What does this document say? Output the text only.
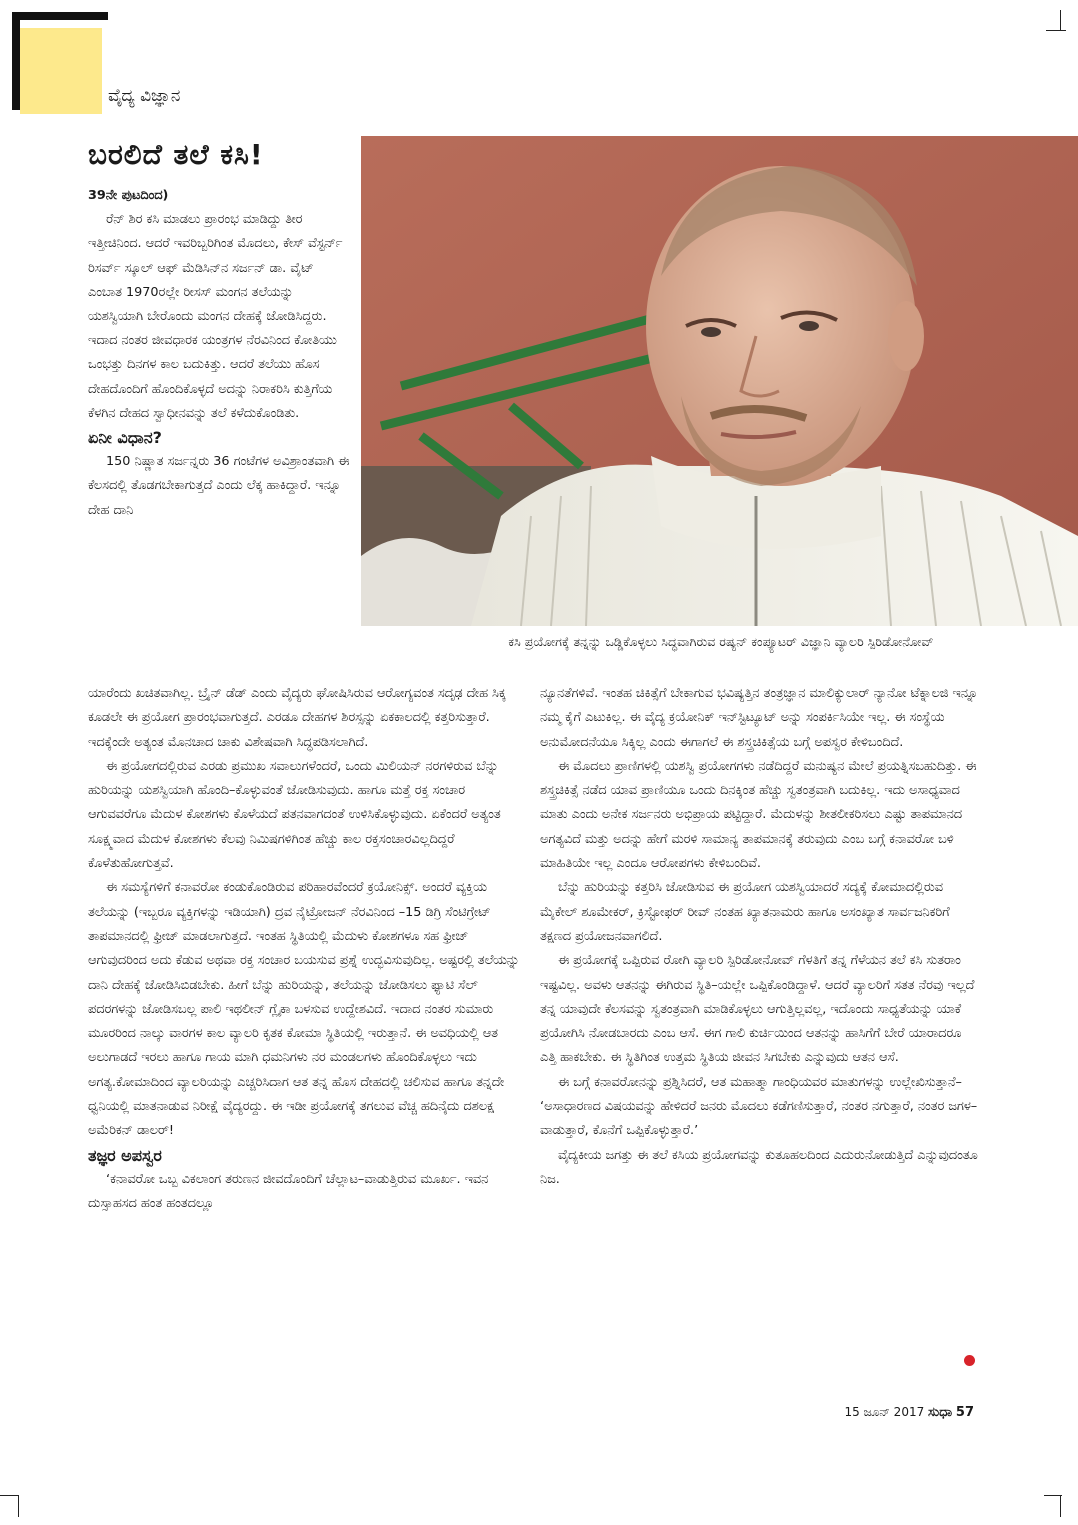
ವೈದ್ಯ ವಿಜ್ಞಾನ
ಬರಲಿದೆ ತಲೆ ಕಸಿ!

39ನೇ ಪುಟದಿಂದ)

ರೆನ್ ಶಿರ ಕಸಿ ಮಾಡಲು ಪ್ರಾರಂಭ ಮಾಡಿದ್ದು ತೀರ ಇತ್ತೀಚಿನಿಂದ. ಆದರೆ ಇವರಿಬ್ಬರಿಗಿಂತ ಮೊದಲು, ಕೇಸ್ ವೆಸ್ಟರ್ನ್ ರಿಸರ್ವ್ ಸ್ಕೂಲ್ ಆಫ್ ಮೆಡಿಸಿನ್‌ನ ಸರ್ಜನ್ ಡಾ. ವೈಟ್ ಎಂಬಾತ 1970ರಲ್ಲೇ ರೀಸಸ್ ಮಂಗನ ತಲೆಯನ್ನು ಯಶಸ್ವಿಯಾಗಿ ಬೇರೊಂದು ಮಂಗನ ದೇಹಕ್ಕೆ ಜೋಡಿಸಿದ್ದರು. ಇದಾದ ನಂತರ ಜೀವಧಾರಕ ಯಂತ್ರಗಳ ನೆರವಿನಿಂದ ಕೋತಿಯು ಒಂಭತ್ತು ದಿನಗಳ ಕಾಲ ಬದುಕಿತ್ತು. ಆದರೆ ತಲೆಯು ಹೊಸ ದೇಹದೊಂದಿಗೆ ಹೊಂದಿಕೊಳ್ಳದೆ ಅದನ್ನು ನಿರಾಕರಿಸಿ ಕುತ್ತಿಗೆಯ ಕೆಳಗಿನ ದೇಹದ ಸ್ವಾಧೀನವನ್ನು ತಲೆ ಕಳೆದುಕೊಂಡಿತು.

ಏನೀ ವಿಧಾನ?

150 ನಿಷ್ಣಾತ ಸರ್ಜನ್ನರು 36 ಗಂಟೆಗಳ ಅವಿಶ್ರಾಂತವಾಗಿ ಈ ಕೆಲಸದಲ್ಲಿ ತೊಡಗಬೇಕಾಗುತ್ತದೆ ಎಂದು ಲೆಕ್ಕ ಹಾಕಿದ್ದಾರೆ. ಇನ್ನೂ ದೇಹ ದಾನಿ

ಕಸಿ ಪ್ರಯೋಗಕ್ಕೆ ತನ್ನನ್ನು ಒಡ್ಡಿಕೊಳ್ಳಲು ಸಿದ್ಧವಾಗಿರುವ ರಷ್ಯನ್ ಕಂಪ್ಯೂಟರ್ ವಿಜ್ಞಾನಿ ವ್ಯಾಲರಿ ಸ್ಪಿರಿಡೋನೋವ್

ಯಾರೆಂದು ಖಚಿತವಾಗಿಲ್ಲ. ಬ್ರೈನ್ ಡೆಡ್ ಎಂದು ವೈದ್ಯರು ಘೋಷಿಸಿರುವ ಆರೋಗ್ಯವಂತ ಸದೃಢ ದೇಹ ಸಿಕ್ಕ ಕೂಡಲೇ ಈ ಪ್ರಯೋಗ ಪ್ರಾರಂಭವಾಗುತ್ತದೆ. ಎರಡೂ ದೇಹಗಳ ಶಿರಸ್ಸನ್ನು ಏಕಕಾಲದಲ್ಲಿ ಕತ್ತರಿಸುತ್ತಾರೆ. ಇದಕ್ಕೆಂದೇ ಅತ್ಯಂತ ಮೊನಚಾದ ಚಾಕು ವಿಶೇಷವಾಗಿ ಸಿದ್ಧಪಡಿಸಲಾಗಿದೆ.

ಈ ಪ್ರಯೋಗದಲ್ಲಿರುವ ಎರಡು ಪ್ರಮುಖ ಸವಾಲುಗಳೆಂದರೆ, ಒಂದು ಮಿಲಿಯನ್ ನರಗಳಿರುವ ಬೆನ್ನು ಹುರಿಯನ್ನು ಯಶಸ್ವಿಯಾಗಿ ಹೊಂದಿ–ಕೊಳ್ಳುವಂತೆ ಜೋಡಿಸುವುದು. ಹಾಗೂ ಮತ್ತೆ ರಕ್ತ ಸಂಚಾರ ಆಗುವವರೆಗೂ ಮೆದುಳ ಕೋಶಗಳು ಕೊಳೆಯದೆ ಪತನವಾಗದಂತೆ ಉಳಿಸಿಕೊಳ್ಳುವುದು. ಏಕೆಂದರೆ ಅತ್ಯಂತ ಸೂಕ್ಷ್ಮವಾದ ಮೆದುಳ ಕೋಶಗಳು ಕೆಲವು ನಿಮಿಷಗಳಿಗಿಂತ ಹೆಚ್ಚು ಕಾಲ ರಕ್ತಸಂಚಾರವಿಲ್ಲದಿದ್ದರೆ ಕೊಳೆತುಹೋಗುತ್ತವೆ.

ಈ ಸಮಸ್ಯೆಗಳಿಗೆ ಕನಾವರೋ ಕಂಡುಕೊಂಡಿರುವ ಪರಿಹಾರವೆಂದರೆ ಕ್ರಯೋನಿಕ್ಸ್. ಅಂದರೆ ವ್ಯಕ್ತಿಯ ತಲೆಯನ್ನು (ಇಬ್ಬರೂ ವ್ಯಕ್ತಿಗಳನ್ನು ಇಡಿಯಾಗಿ) ದ್ರವ ನೈಟ್ರೋಜನ್ ನೆರವಿನಿಂದ –15 ಡಿಗ್ರಿ ಸೆಂಟಿಗ್ರೇಟ್ ತಾಪಮಾನದಲ್ಲಿ ಫ್ರೀಜ್ ಮಾಡಲಾಗುತ್ತದೆ. ಇಂತಹ ಸ್ಥಿತಿಯಲ್ಲಿ ಮೆದುಳು ಕೋಶಗಳೂ ಸಹ ಫ್ರೀಜ್ ಆಗುವುದರಿಂದ ಅದು ಕೆಡುವ ಅಥವಾ ರಕ್ತ ಸಂಚಾರ ಬಯಸುವ ಪ್ರಶ್ನೆ ಉದ್ಭವಿಸುವುದಿಲ್ಲ. ಅಷ್ಟರಲ್ಲಿ ತಲೆಯನ್ನು ದಾನಿ ದೇಹಕ್ಕೆ ಜೋಡಿಸಿಬಿಡಬೇಕು. ಹೀಗೆ ಬೆನ್ನು ಹುರಿಯನ್ನು, ತಲೆಯನ್ನು ಜೋಡಿಸಲು ಫ್ಯಾಟಿ ಸೆಲ್ ಪದರಗಳನ್ನು ಜೋಡಿಸಬಲ್ಲ ಪಾಲಿ ಇಥಲೀನ್ ಗ್ಲೈಕಾ ಬಳಸುವ ಉದ್ದೇಶವಿದೆ. ಇದಾದ ನಂತರ ಸುಮಾರು ಮೂರರಿಂದ ನಾಲ್ಕು ವಾರಗಳ ಕಾಲ ವ್ಯಾಲರಿ ಕೃತಕ ಕೋಮಾ ಸ್ಥಿತಿಯಲ್ಲಿ ಇರುತ್ತಾನೆ. ಈ ಅವಧಿಯಲ್ಲಿ ಆತ ಅಲುಗಾಡದೆ ಇರಲು ಹಾಗೂ ಗಾಯ ಮಾಗಿ ಧಮನಿಗಳು ನರ ಮಂಡಲಗಳು ಹೊಂದಿಕೊಳ್ಳಲು ಇದು ಅಗತ್ಯ.ಕೋಮಾದಿಂದ ವ್ಯಾಲರಿಯನ್ನು ಎಚ್ಚರಿಸಿದಾಗ ಆತ ತನ್ನ ಹೊಸ ದೇಹದಲ್ಲಿ ಚಲಿಸುವ ಹಾಗೂ ತನ್ನದೇ ಧ್ವನಿಯಲ್ಲಿ ಮಾತನಾಡುವ ನಿರೀಕ್ಷೆ ವೈದ್ಯರದ್ದು. ಈ ಇಡೀ ಪ್ರಯೋಗಕ್ಕೆ ತಗಲುವ ವೆಚ್ಚ ಹದಿನೈದು ದಶಲಕ್ಷ ಅಮೆರಿಕನ್ ಡಾಲರ್!

ತಜ್ಞರ ಅಪಸ್ವರ

‘ಕನಾವರೋ ಒಬ್ಬ ವಿಕಲಾಂಗ ತರುಣನ ಜೀವದೊಂದಿಗೆ ಚೆಲ್ಲಾಟ–ವಾಡುತ್ತಿರುವ ಮೂರ್ಖ. ಇವನ ದುಸ್ಸಾಹಸದ ಹಂತ ಹಂತದಲ್ಲೂ

ನ್ಯೂನತೆಗಳಿವೆ. ಇಂತಹ ಚಿಕಿತ್ಸೆಗೆ ಬೇಕಾಗುವ ಭವಿಷ್ಯತ್ತಿನ ತಂತ್ರಜ್ಞಾನ ಮಾಲಿಕ್ಯುಲಾರ್ ನ್ಯಾನೋ ಟೆಕ್ನಾಲಜಿ ಇನ್ನೂ ನಮ್ಮ ಕೈಗೆ ಎಟುಕಿಲ್ಲ. ಈ ವೈದ್ಯ ಕ್ರಯೋನಿಕ್ ಇನ್‌ಸ್ಟಿಟ್ಯೂಟ್ ಅನ್ನು ಸಂಪರ್ಕಿಸಿಯೇ ಇಲ್ಲ. ಈ ಸಂಸ್ಥೆಯ ಅನುಮೋದನೆಯೂ ಸಿಕ್ಕಿಲ್ಲ ಎಂದು ಈಗಾಗಲೆ ಈ ಶಸ್ತ್ರಚಿಕಿತ್ಸೆಯ ಬಗ್ಗೆ ಅಪಸ್ವರ ಕೇಳಿಬಂದಿದೆ.

ಈ ಮೊದಲು ಪ್ರಾಣಿಗಳಲ್ಲಿ ಯಶಸ್ವಿ ಪ್ರಯೋಗಗಳು ನಡೆದಿದ್ದರೆ ಮನುಷ್ಯನ ಮೇಲೆ ಪ್ರಯತ್ನಿಸಬಹುದಿತ್ತು. ಈ ಶಸ್ತ್ರಚಿಕಿತ್ಸೆ ನಡೆದ ಯಾವ ಪ್ರಾಣಿಯೂ ಒಂದು ದಿನಕ್ಕಿಂತ ಹೆಚ್ಚು ಸ್ವತಂತ್ರವಾಗಿ ಬದುಕಿಲ್ಲ. ಇದು ಅಸಾಧ್ಯವಾದ ಮಾತು ಎಂದು ಅನೇಕ ಸರ್ಜನರು ಅಭಿಪ್ರಾಯ ಪಟ್ಟಿದ್ದಾರೆ. ಮೆದುಳನ್ನು ಶೀತಲೀಕರಿಸಲು ಎಷ್ಟು ತಾಪಮಾನದ ಅಗತ್ಯವಿದೆ ಮತ್ತು ಅದನ್ನು ಹೇಗೆ ಮರಳಿ ಸಾಮಾನ್ಯ ತಾಪಮಾನಕ್ಕೆ ತರುವುದು ಎಂಬ ಬಗ್ಗೆ ಕನಾವರೋ ಬಳಿ ಮಾಹಿತಿಯೇ ಇಲ್ಲ ಎಂದೂ ಆರೋಪಗಳು ಕೇಳಿಬಂದಿವೆ.

ಬೆನ್ನು ಹುರಿಯನ್ನು ಕತ್ತರಿಸಿ ಜೋಡಿಸುವ ಈ ಪ್ರಯೋಗ ಯಶಸ್ವಿಯಾದರೆ ಸದ್ಯಕ್ಕೆ ಕೋಮಾದಲ್ಲಿರುವ ಮೈಕೇಲ್ ಶೂಮೇಕರ್, ಕ್ರಿಸ್ಟೋಫರ್ ರೀವ್ ನಂತಹ ಖ್ಯಾತನಾಮರು ಹಾಗೂ ಅಸಂಖ್ಯಾತ ಸಾರ್ವಜನಿಕರಿಗೆ ತಕ್ಷಣದ ಪ್ರಯೋಜನವಾಗಲಿದೆ.

ಈ ಪ್ರಯೋಗಕ್ಕೆ ಒಪ್ಪಿರುವ ರೋಗಿ ವ್ಯಾಲರಿ ಸ್ಪಿರಿಡೋನೋವ್ ಗೆಳತಿಗೆ ತನ್ನ ಗೆಳೆಯನ ತಲೆ ಕಸಿ ಸುತರಾಂ ಇಷ್ಟವಿಲ್ಲ. ಅವಳು ಆತನನ್ನು ಈಗಿರುವ ಸ್ಥಿತಿ–ಯಲ್ಲೇ ಒಪ್ಪಿಕೊಂಡಿದ್ದಾಳೆ. ಆದರೆ ವ್ಯಾಲರಿಗೆ ಸತತ ನೆರವು ಇಲ್ಲದೆ ತನ್ನ ಯಾವುದೇ ಕೆಲಸವನ್ನು ಸ್ವತಂತ್ರವಾಗಿ ಮಾಡಿಕೊಳ್ಳಲು ಆಗುತ್ತಿಲ್ಲವಲ್ಲ, ಇದೊಂದು ಸಾಧ್ಯತೆಯನ್ನು ಯಾಕೆ ಪ್ರಯೋಗಿಸಿ ನೋಡಬಾರದು ಎಂಬ ಆಸೆ. ಈಗ ಗಾಲಿ ಕುರ್ಚಿಯಿಂದ ಆತನನ್ನು ಹಾಸಿಗೆಗೆ ಬೇರೆ ಯಾರಾದರೂ ಎತ್ತಿ ಹಾಕಬೇಕು. ಈ ಸ್ಥಿತಿಗಿಂತ ಉತ್ತಮ ಸ್ಥಿತಿಯ ಜೀವನ ಸಿಗಬೇಕು ಎನ್ನುವುದು ಆತನ ಆಸೆ.

ಈ ಬಗ್ಗೆ ಕನಾವರೋನನ್ನು ಪ್ರಶ್ನಿಸಿದರೆ, ಆತ ಮಹಾತ್ಮಾ ಗಾಂಧಿಯವರ ಮಾತುಗಳನ್ನು ಉಲ್ಲೇಖಿಸುತ್ತಾನೆ– ‘ಅಸಾಧಾರಣದ ವಿಷಯವನ್ನು ಹೇಳಿದರೆ ಜನರು ಮೊದಲು ಕಡೆಗಣಿಸುತ್ತಾರೆ, ನಂತರ ನಗುತ್ತಾರೆ, ನಂತರ ಜಗಳ–ವಾಡುತ್ತಾರೆ, ಕೊನೆಗೆ ಒಪ್ಪಿಕೊಳ್ಳುತ್ತಾರೆ.’

ವೈದ್ಯಕೀಯ ಜಗತ್ತು ಈ ತಲೆ ಕಸಿಯ ಪ್ರಯೋಗವನ್ನು ಕುತೂಹಲದಿಂದ ಎದುರುನೋಡುತ್ತಿದೆ ಎನ್ನುವುದಂತೂ ನಿಜ.

15 ಜೂನ್ 2017 ಸುಧಾ 57
